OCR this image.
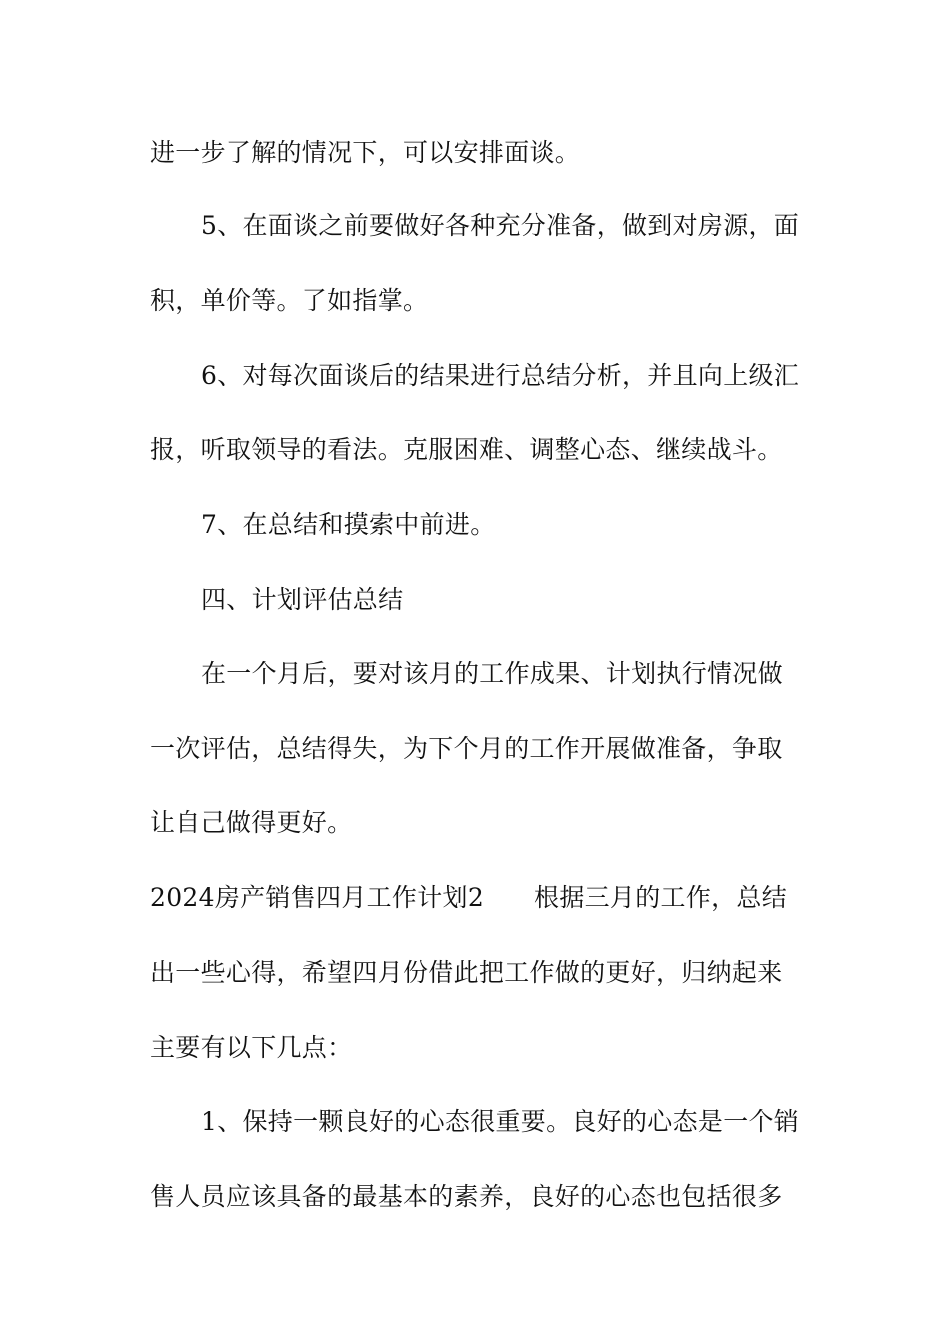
进一步了解的情况下，可以安排面谈。
5、在面谈之前要做好各种充分准备，做到对房源，面
积，单价等。了如指掌。
6、对每次面谈后的结果进行总结分析，并且向上级汇
报，听取领导的看法。克服困难、调整心态、继续战斗。
7、在总结和摸索中前进。
四、计划评估总结
在一个月后，要对该月的工作成果、计划执行情况做
一次评估，总结得失，为下个月的工作开展做准备，争取
让自己做得更好。
2024房产销售四月工作计划2 根据三月的工作，总结
出一些心得，希望四月份借此把工作做的更好，归纳起来
主要有以下几点：
1、保持一颗良好的心态很重要。良好的心态是一个销
售人员应该具备的最基本的素养，良好的心态也包括很多
